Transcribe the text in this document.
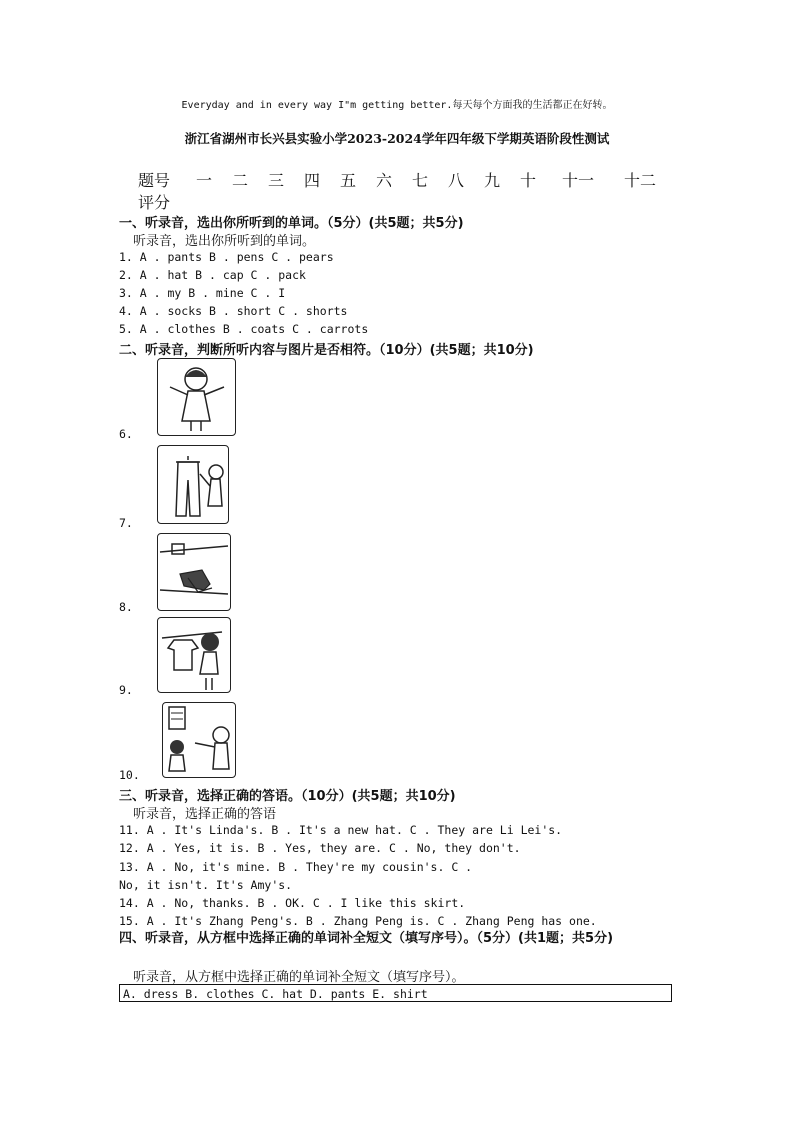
Everyday and in every way I"m getting better.每天每个方面我的生活都正在好转。
浙江省湖州市长兴县实验小学2023-2024学年四年级下学期英语阶段性测试
题号 一 二 三 四 五 六 七 八 九 十 十一 十二
评分
一、听录音，选出你所听到的单词。（5分）(共5题；共5分)
听录音，选出你所听到的单词。
1. A . pants B . pens C . pears
2. A . hat B . cap C . pack
3. A . my B . mine C . I
4. A . socks B . short C . shorts
5. A . clothes B . coats C . carrots
二、听录音，判断所听内容与图片是否相符。（10分）(共5题；共10分)
6.
7.
8.
9.
10.
三、听录音，选择正确的答语。（10分）(共5题；共10分)
听录音，选择正确的答语
11. A . It's Linda's. B . It's a new hat. C . They are Li Lei's.
12. A . Yes, it is. B . Yes, they are. C . No, they don't.
13. A . No, it's mine. B . They're my cousin's. C .
No, it isn't. It's Amy's.
14. A . No, thanks. B . OK. C . I like this skirt.
15. A . It's Zhang Peng's. B . Zhang Peng is. C . Zhang Peng has one.
四、听录音，从方框中选择正确的单词补全短文（填写序号）。（5分）(共1题；共5分)
听录音，从方框中选择正确的单词补全短文（填写序号）。
A. dress B. clothes C. hat D. pants E. shirt
